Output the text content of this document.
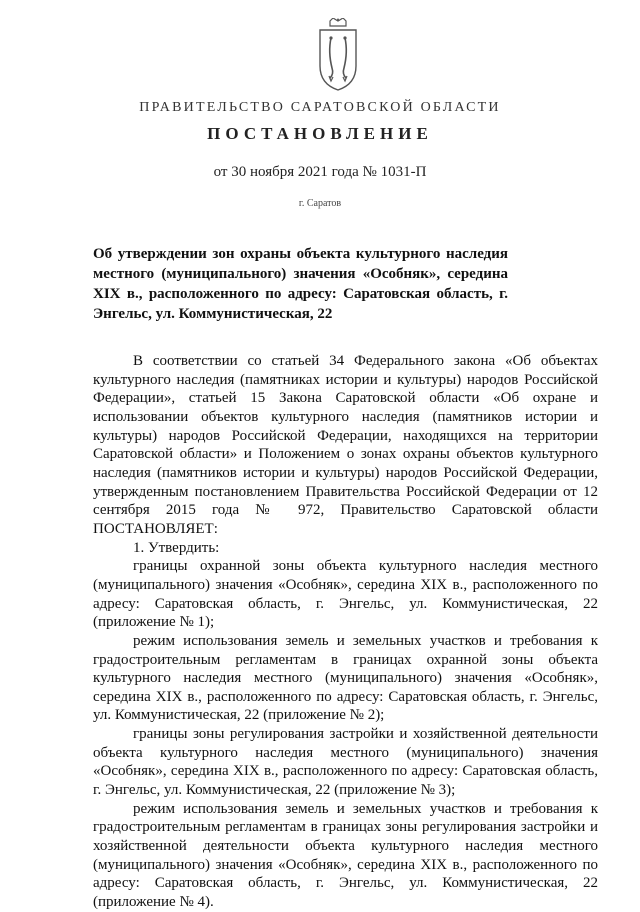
ПРАВИТЕЛЬСТВО САРАТОВСКОЙ ОБЛАСТИ
ПОСТАНОВЛЕНИЕ
от 30 ноября 2021 года № 1031-П
г. Саратов
Об утверждении зон охраны объекта культурного наследия местного (муниципального) значения «Особняк», середина XIX в., расположенного по адресу: Саратовская область, г. Энгельс, ул. Коммунистическая, 22

В соответствии со статьей 34 Федерального закона «Об объектах культурного наследия (памятниках истории и культуры) народов Российской Федерации», статьей 15 Закона Саратовской области «Об охране и использовании объектов культурного наследия (памятников истории и культуры) народов Российской Федерации, находящихся на территории Саратовской области» и Положением о зонах охраны объектов культурного наследия (памятников истории и культуры) народов Российской Федерации, утвержденным постановлением Правительства Российской Федерации от 12 сентября 2015 года № 972, Правительство Саратовской области ПОСТАНОВЛЯЕТ:

1. Утвердить:

границы охранной зоны объекта культурного наследия местного (муниципального) значения «Особняк», середина XIX в., расположенного по адресу: Саратовская область, г. Энгельс, ул. Коммунистическая, 22 (приложение № 1);

режим использования земель и земельных участков и требования к градостроительным регламентам в границах охранной зоны объекта культурного наследия местного (муниципального) значения «Особняк», середина XIX в., расположенного по адресу: Саратовская область, г. Энгельс, ул. Коммунистическая, 22 (приложение № 2);

границы зоны регулирования застройки и хозяйственной деятельности объекта культурного наследия местного (муниципального) значения «Особняк», середина XIX в., расположенного по адресу: Саратовская область, г. Энгельс, ул. Коммунистическая, 22 (приложение № 3);

режим использования земель и земельных участков и требования к градостроительным регламентам в границах зоны регулирования застройки и хозяйственной деятельности объекта культурного наследия местного (муниципального) значения «Особняк», середина XIX в., расположенного по адресу: Саратовская область, г. Энгельс, ул. Коммунистическая, 22 (приложение № 4).
